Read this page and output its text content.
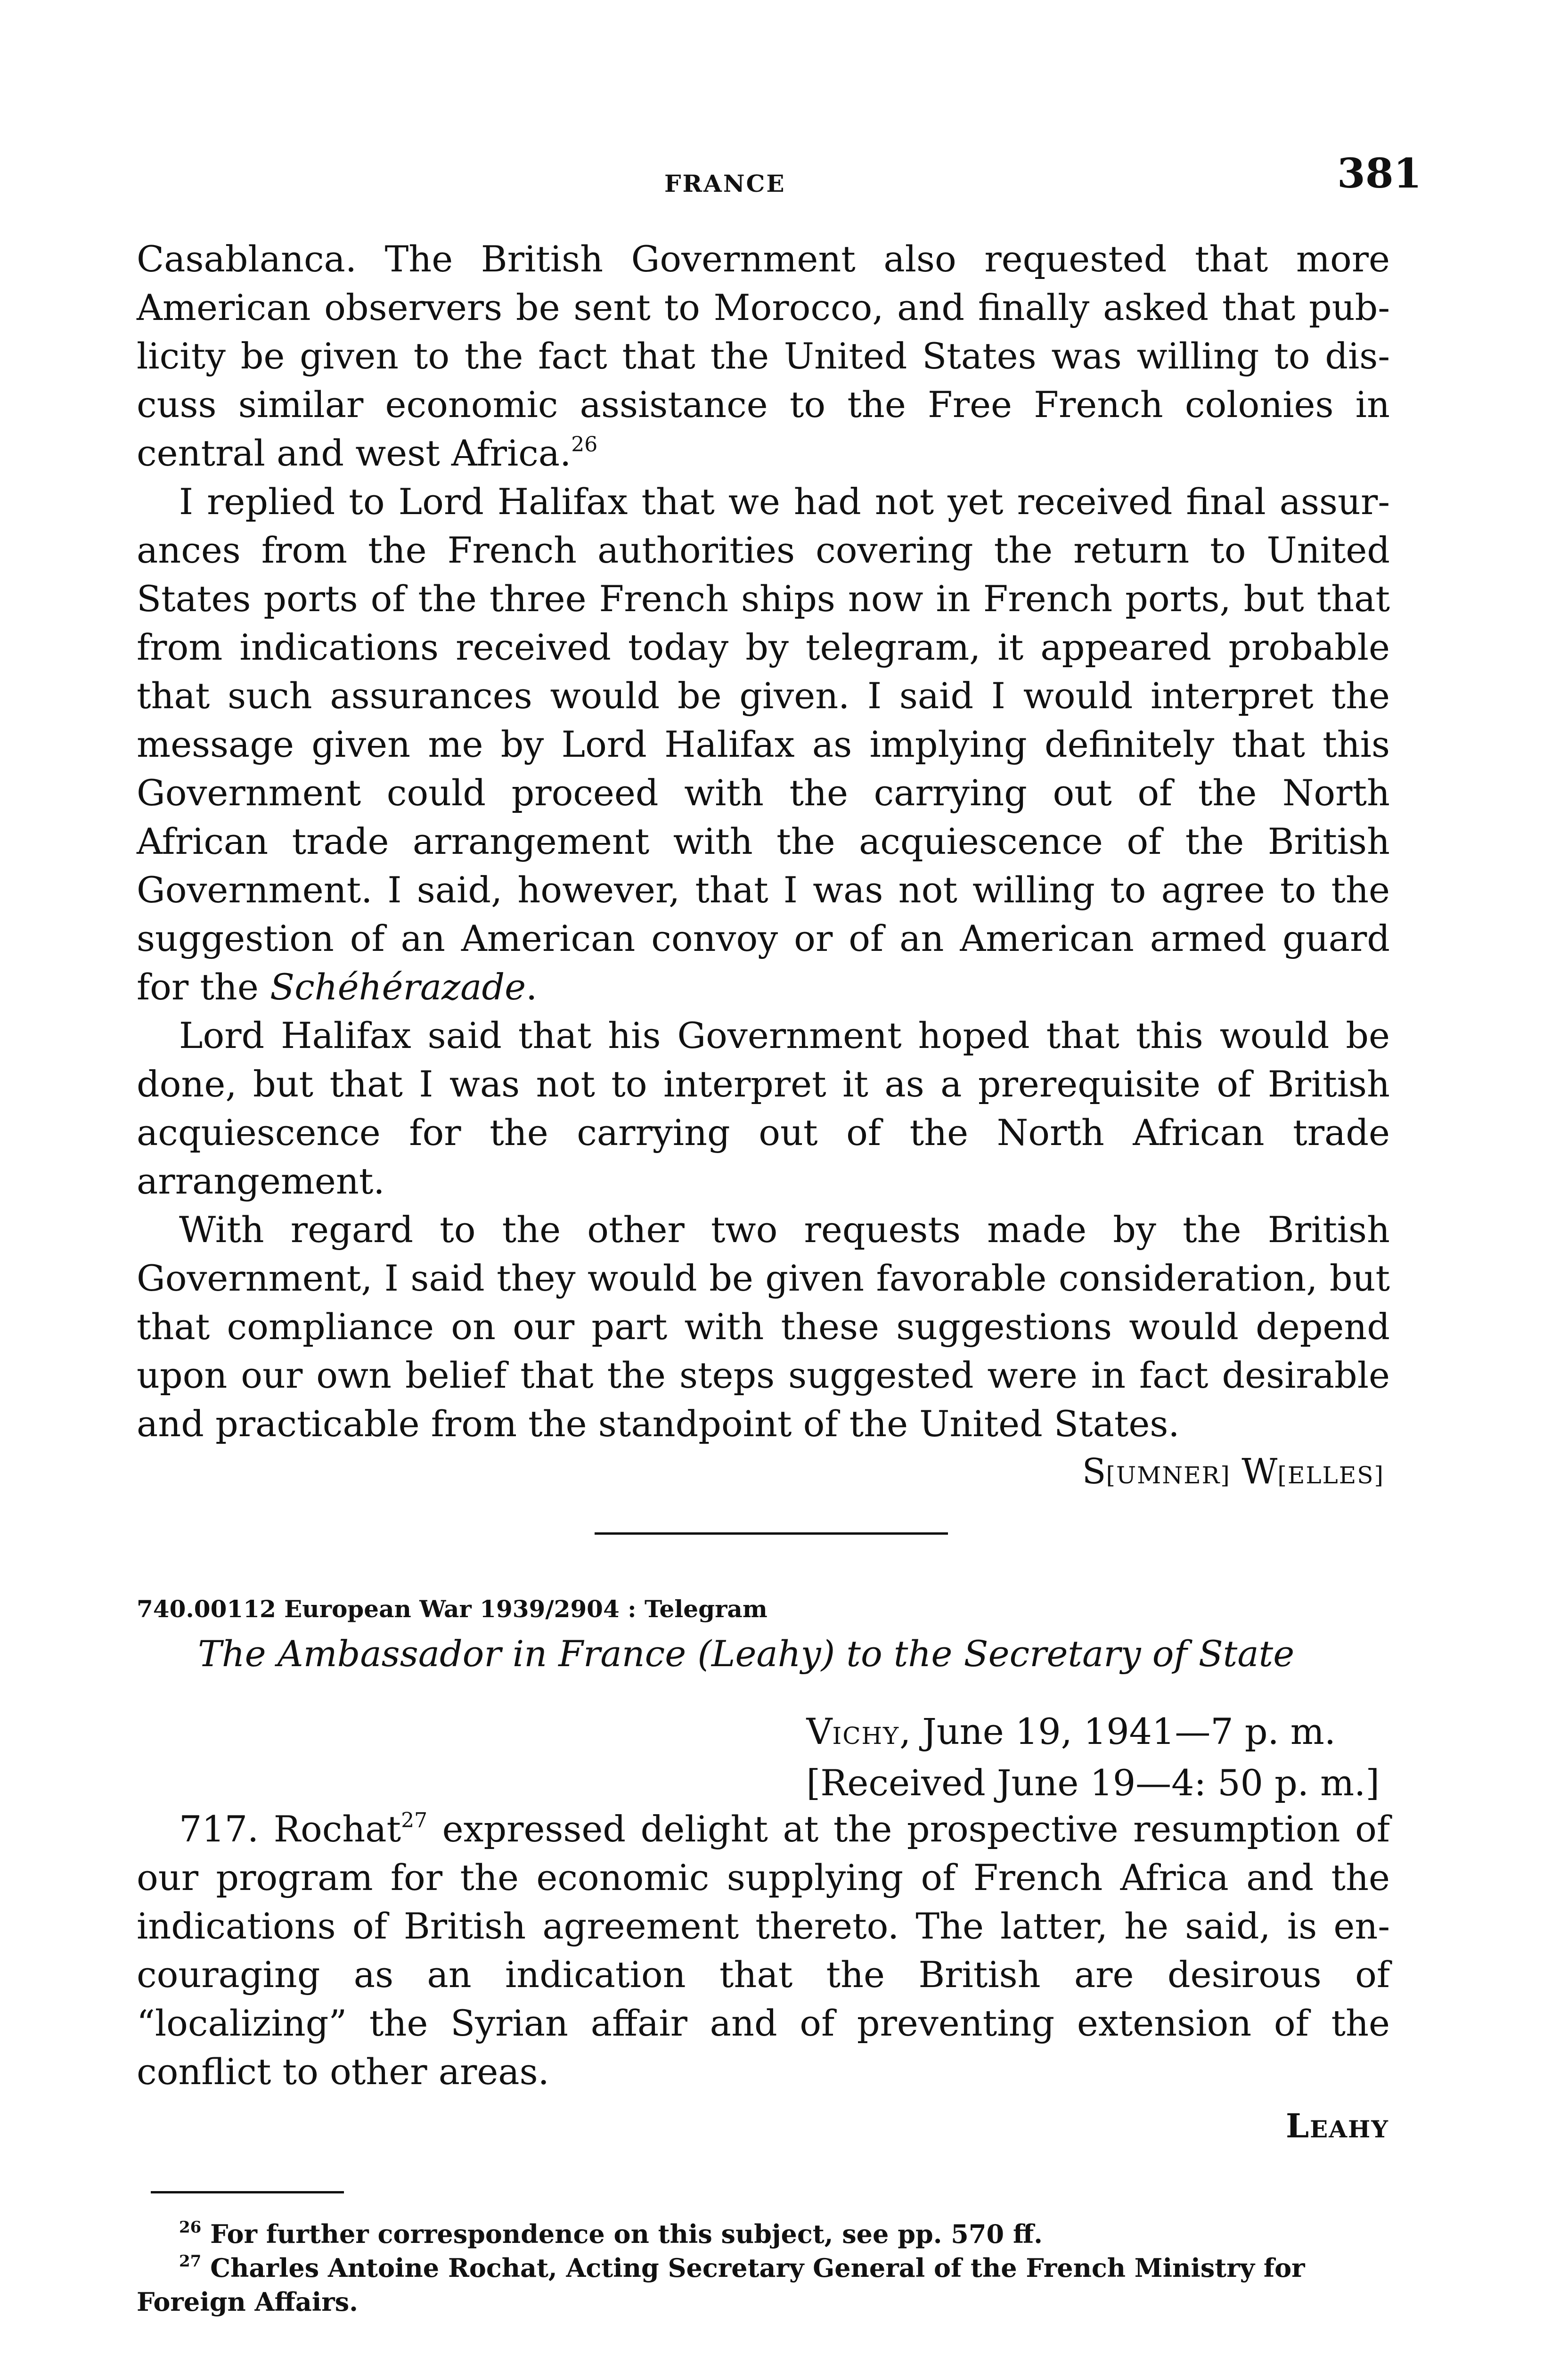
FRANCE	381

Casablanca. The British Government also requested that more American observers be sent to Morocco, and finally asked that publicity be given to the fact that the United States was willing to discuss similar economic assistance to the Free French colonies in central and west Africa.$^{26}$

I replied to Lord Halifax that we had not yet received final assurances from the French authorities covering the return to United States ports of the three French ships now in French ports, but that from indications received today by telegram, it appeared probable that such assurances would be given. I said I would interpret the message given me by Lord Halifax as implying definitely that this Government could proceed with the carrying out of the North African trade arrangement with the acquiescence of the British Government. I said, however, that I was not willing to agree to the suggestion of an American convoy or of an American armed guard for the Schéhérazade.

Lord Halifax said that his Government hoped that this would be done, but that I was not to interpret it as a prerequisite of British acquiescence for the carrying out of the North African trade arrangement.

With regard to the other two requests made by the British Government, I said they would be given favorable consideration, but that compliance on our part with these suggestions would depend upon our own belief that the steps suggested were in fact desirable and practicable from the standpoint of the United States.

S[UMNER] W[ELLES]
740.00112 European War 1939/2904 : Telegram
The Ambassador in France (Leahy) to the Secretary of State
VICHY, June 19, 1941—7 p. m.
[Received June 19—4: 50 p. m.]

717. Rochat$^{27}$ expressed delight at the prospective resumption of our program for the economic supplying of French Africa and the indications of British agreement thereto. The latter, he said, is encouraging as an indication that the British are desirous of “localizing” the Syrian affair and of preventing extension of the conflict to other areas.

LEAHY

$^{26}$ For further correspondence on this subject, see pp. 570 ff.

$^{27}$ Charles Antoine Rochat, Acting Secretary General of the French Ministry for Foreign Affairs.
